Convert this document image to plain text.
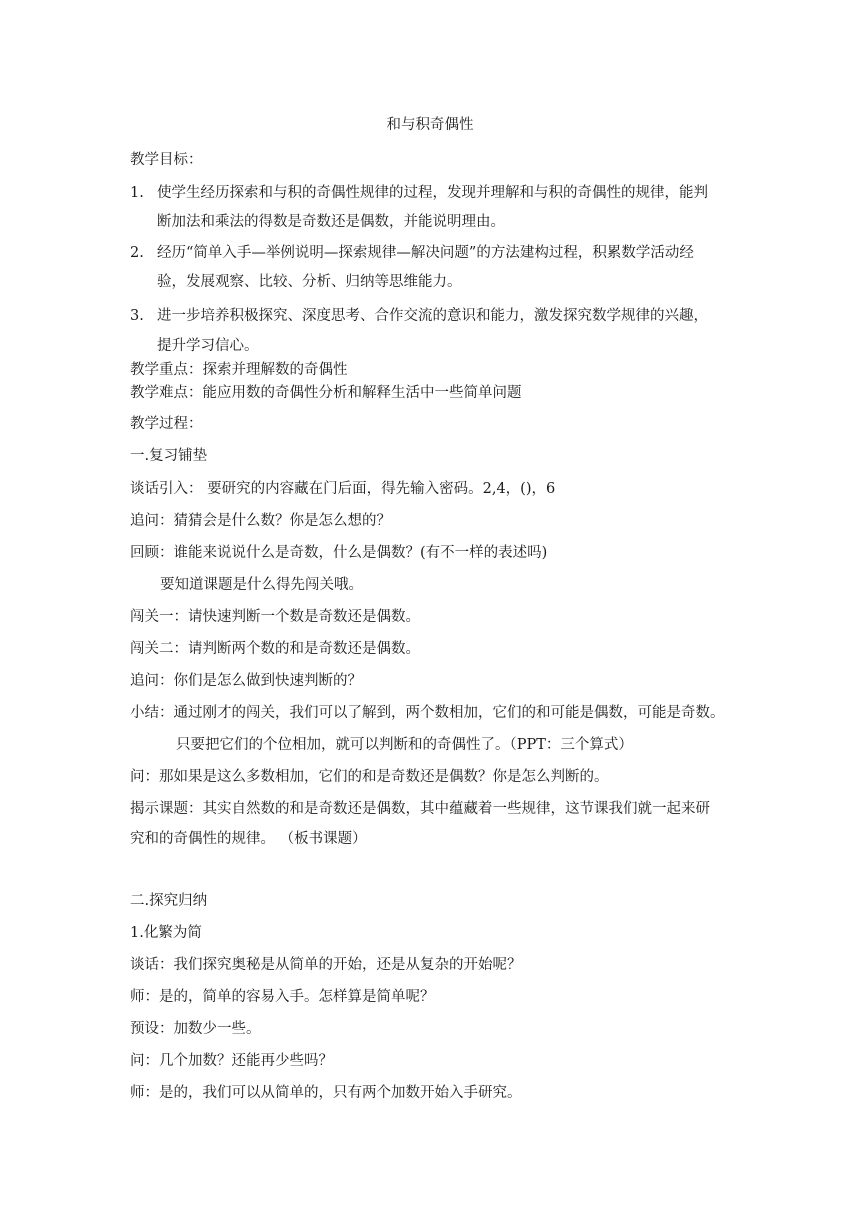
和与积奇偶性
教学目标：
1. 使学生经历探索和与积的奇偶性规律的过程，发现并理解和与积的奇偶性的规律，能判
断加法和乘法的得数是奇数还是偶数，并能说明理由。
2. 经历“简单入手—举例说明—探索规律—解决问题”的方法建构过程，积累数学活动经
验，发展观察、比较、分析、归纳等思维能力。
3. 进一步培养积极探究、深度思考、合作交流的意识和能力，激发探究数学规律的兴趣，
提升学习信心。
教学重点：探索并理解数的奇偶性
教学难点：能应用数的奇偶性分析和解释生活中一些简单问题
教学过程：
一.复习铺垫
谈话引入： 要研究的内容藏在门后面，得先输入密码。2,4，()，6
追问：猜猜会是什么数？你是怎么想的？
回顾：谁能来说说什么是奇数，什么是偶数？(有不一样的表述吗)
要知道课题是什么得先闯关哦。
闯关一：请快速判断一个数是奇数还是偶数。
闯关二：请判断两个数的和是奇数还是偶数。
追问：你们是怎么做到快速判断的？
小结：通过刚才的闯关，我们可以了解到，两个数相加，它们的和可能是偶数，可能是奇数。
只要把它们的个位相加，就可以判断和的奇偶性了。（PPT：三个算式）
问：那如果是这么多数相加，它们的和是奇数还是偶数？你是怎么判断的。
揭示课题：其实自然数的和是奇数还是偶数，其中蕴藏着一些规律，这节课我们就一起来研
究和的奇偶性的规律。 （板书课题）
二.探究归纳
1.化繁为简
谈话：我们探究奥秘是从简单的开始，还是从复杂的开始呢？
师：是的，简单的容易入手。怎样算是简单呢？
预设：加数少一些。
问：几个加数？还能再少些吗？
师：是的，我们可以从简单的，只有两个加数开始入手研究。
